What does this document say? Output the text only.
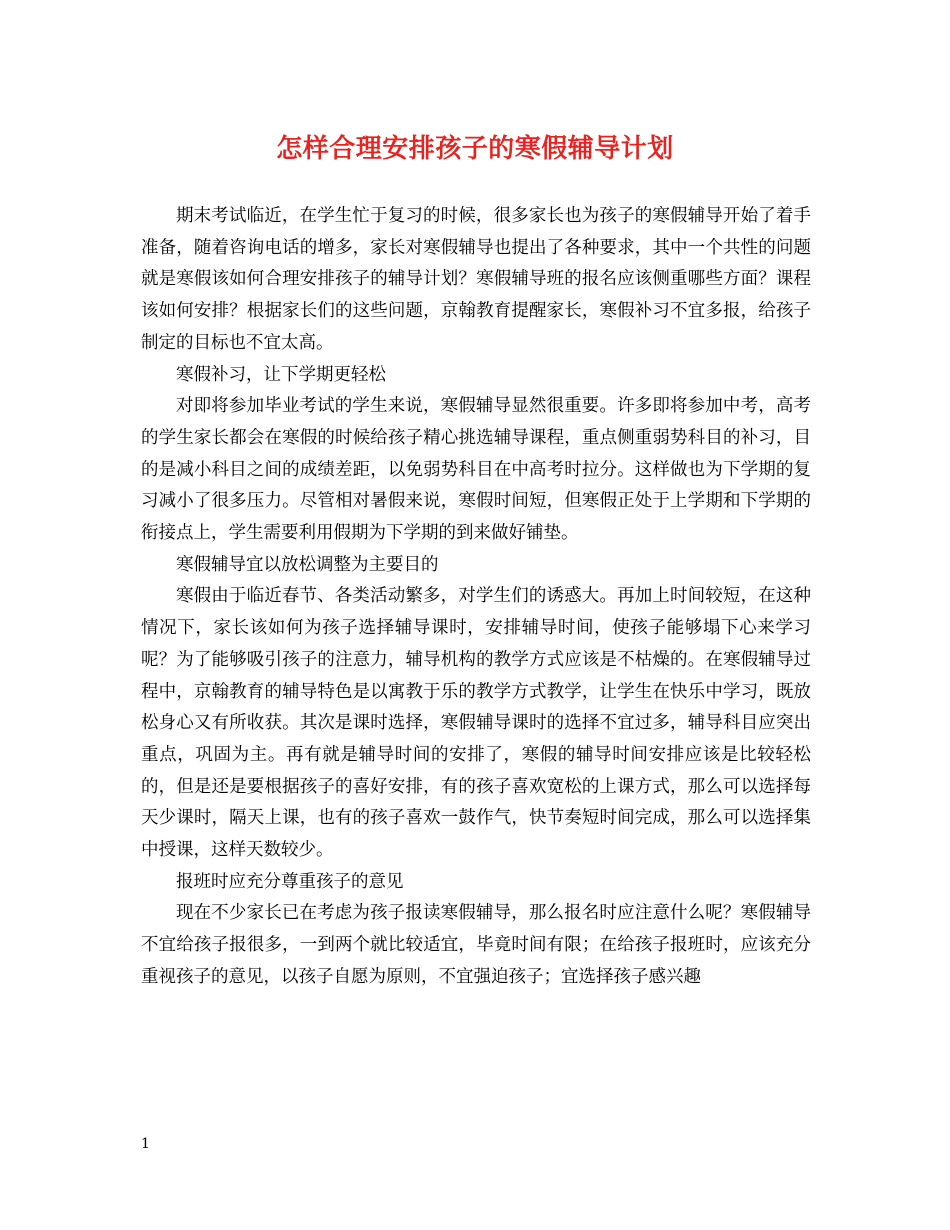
怎样合理安排孩子的寒假辅导计划

期末考试临近，在学生忙于复习的时候，很多家长也为孩子的寒假辅导开始了着手准备，随着咨询电话的增多，家长对寒假辅导也提出了各种要求，其中一个共性的问题就是寒假该如何合理安排孩子的辅导计划？寒假辅导班的报名应该侧重哪些方面？课程该如何安排？根据家长们的这些问题，京翰教育提醒家长，寒假补习不宜多报，给孩子制定的目标也不宜太高。

寒假补习，让下学期更轻松

对即将参加毕业考试的学生来说，寒假辅导显然很重要。许多即将参加中考，高考的学生家长都会在寒假的时候给孩子精心挑选辅导课程，重点侧重弱势科目的补习，目的是减小科目之间的成绩差距，以免弱势科目在中高考时拉分。这样做也为下学期的复习减小了很多压力。尽管相对暑假来说，寒假时间短，但寒假正处于上学期和下学期的衔接点上，学生需要利用假期为下学期的到来做好铺垫。

寒假辅导宜以放松调整为主要目的

寒假由于临近春节、各类活动繁多，对学生们的诱惑大。再加上时间较短，在这种情况下，家长该如何为孩子选择辅导课时，安排辅导时间，使孩子能够塌下心来学习呢？为了能够吸引孩子的注意力，辅导机构的教学方式应该是不枯燥的。在寒假辅导过程中，京翰教育的辅导特色是以寓教于乐的教学方式教学，让学生在快乐中学习，既放松身心又有所收获。其次是课时选择，寒假辅导课时的选择不宜过多，辅导科目应突出重点，巩固为主。再有就是辅导时间的安排了，寒假的辅导时间安排应该是比较轻松的，但是还是要根据孩子的喜好安排，有的孩子喜欢宽松的上课方式，那么可以选择每天少课时，隔天上课，也有的孩子喜欢一鼓作气，快节奏短时间完成，那么可以选择集中授课，这样天数较少。

报班时应充分尊重孩子的意见

现在不少家长已在考虑为孩子报读寒假辅导，那么报名时应注意什么呢？寒假辅导不宜给孩子报很多，一到两个就比较适宜，毕竟时间有限；在给孩子报班时，应该充分重视孩子的意见，以孩子自愿为原则，不宜强迫孩子；宜选择孩子感兴趣

1
